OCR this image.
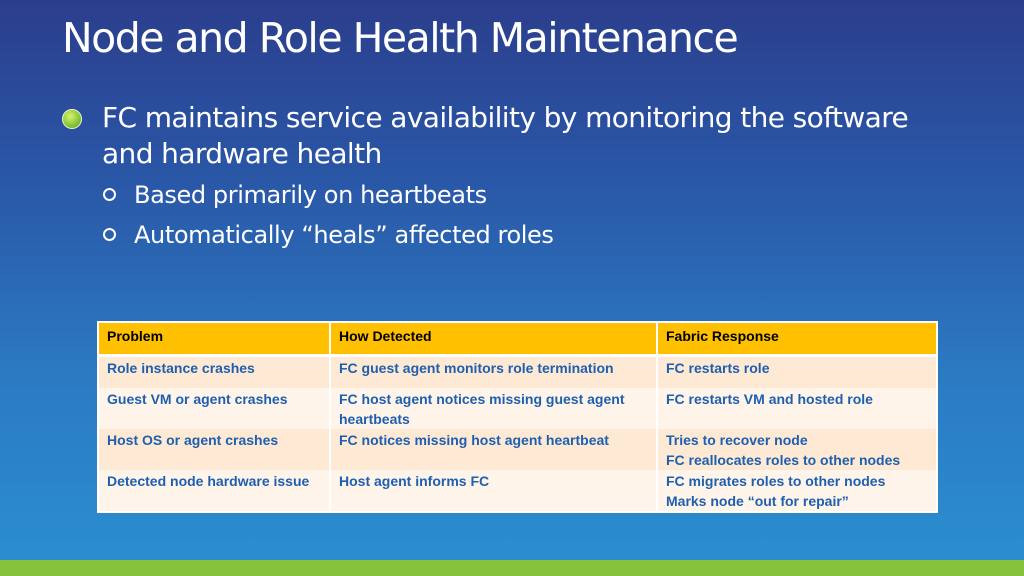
Node and Role Health Maintenance
FC maintains service availability by monitoring the software and hardware health
Based primarily on heartbeats
Automatically “heals” affected roles
Problem	How Detected	Fabric Response
Role instance crashes	FC guest agent monitors role termination	FC restarts role

Guest VM or agent crashes	FC host agent notices missing guest agent heartbeats	FC restarts VM and hosted role

Host OS or agent crashes	FC notices missing host agent heartbeat	Tries to recover node
FC reallocates roles to other nodes

Detected node hardware issue	Host agent informs FC	FC migrates roles to other nodes
Marks node “out for repair”
